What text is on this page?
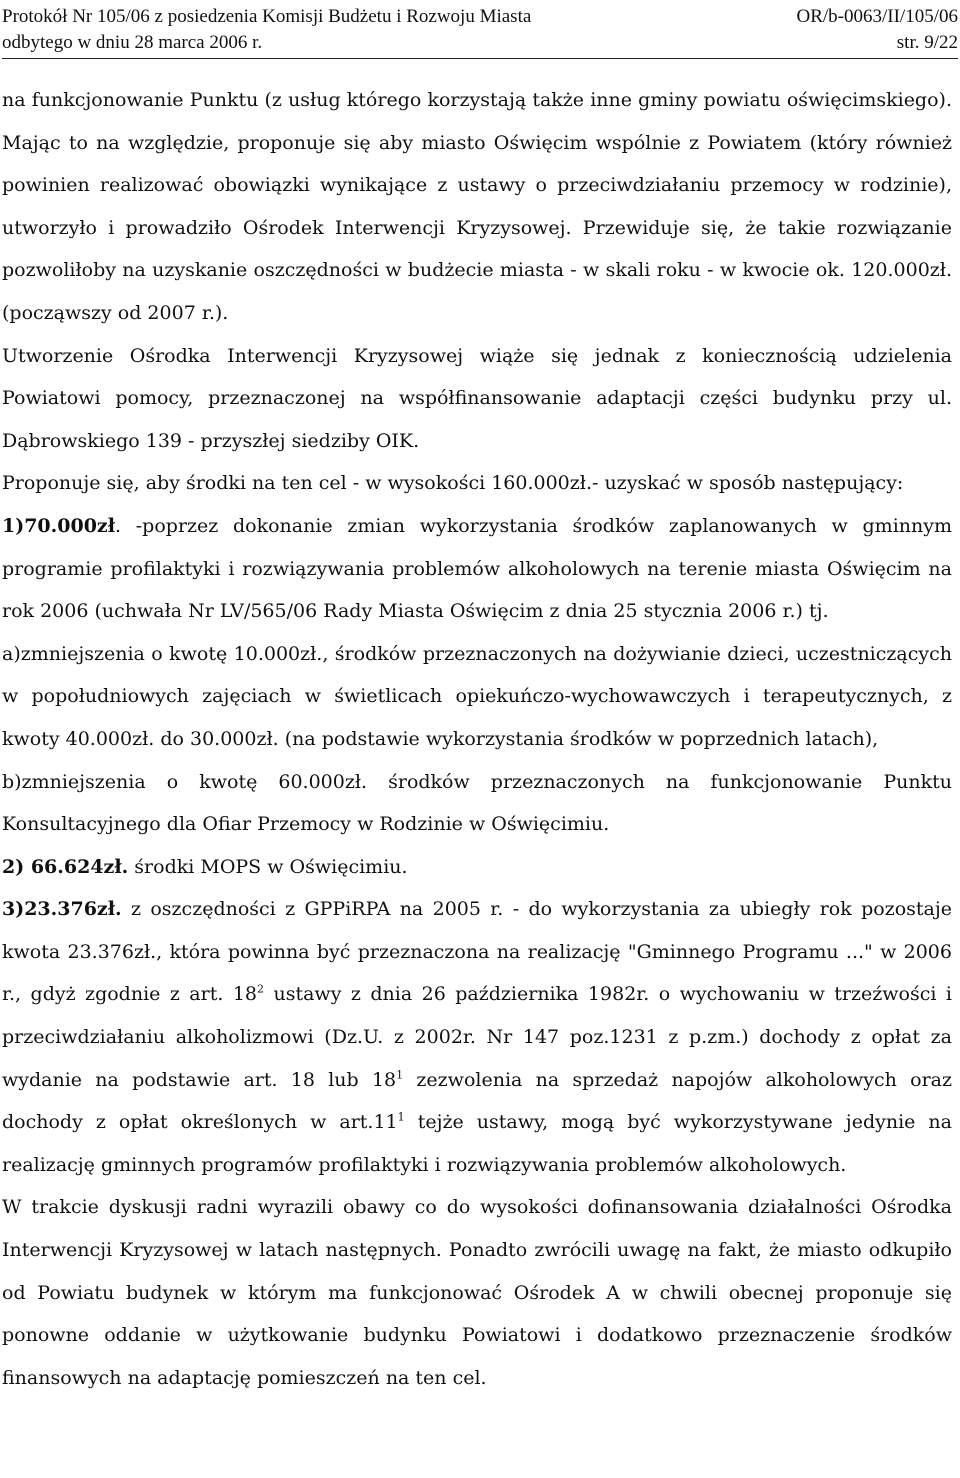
Protokół Nr 105/06 z posiedzenia Komisji Budżetu i Rozwoju Miasta	OR/b-0063/II/105/06
odbytego w dniu 28 marca 2006 r.	str. 9/22

na funkcjonowanie Punktu (z usług którego korzystają także inne gminy powiatu oświęcimskiego). Mając to na względzie, proponuje się aby miasto Oświęcim wspólnie z Powiatem (który również powinien realizować obowiązki wynikające z ustawy o przeciwdziałaniu przemocy w rodzinie), utworzyło i prowadziło Ośrodek Interwencji Kryzysowej. Przewiduje się, że takie rozwiązanie pozwoliłoby na uzyskanie oszczędności w budżecie miasta - w skali roku - w kwocie ok. 120.000zł. (począwszy od 2007 r.).

Utworzenie Ośrodka Interwencji Kryzysowej wiąże się jednak z koniecznością udzielenia Powiatowi pomocy, przeznaczonej na współfinansowanie adaptacji części budynku przy ul. Dąbrowskiego 139 - przyszłej siedziby OIK.

Proponuje się, aby środki na ten cel - w wysokości 160.000zł.- uzyskać w sposób następujący:

1)70.000zł. -poprzez dokonanie zmian wykorzystania środków zaplanowanych w gminnym programie profilaktyki i rozwiązywania problemów alkoholowych na terenie miasta Oświęcim na rok 2006 (uchwała Nr LV/565/06 Rady Miasta Oświęcim z dnia 25 stycznia 2006 r.) tj.

a)zmniejszenia o kwotę 10.000zł., środków przeznaczonych na dożywianie dzieci, uczestniczących w popołudniowych zajęciach w świetlicach opiekuńczo-wychowawczych i terapeutycznych, z kwoty 40.000zł. do 30.000zł. (na podstawie wykorzystania środków w poprzednich latach),

b)zmniejszenia o kwotę 60.000zł. środków przeznaczonych na funkcjonowanie Punktu Konsultacyjnego dla Ofiar Przemocy w Rodzinie w Oświęcimiu.

2) 66.624zł. środki MOPS w Oświęcimiu.

3)23.376zł. z oszczędności z GPPiRPA na 2005 r. - do wykorzystania za ubiegły rok pozostaje kwota 23.376zł., która powinna być przeznaczona na realizację "Gminnego Programu ..." w 2006 r., gdyż zgodnie z art. $18^2$ ustawy z dnia 26 października 1982r. o wychowaniu w trzeźwości i przeciwdziałaniu alkoholizmowi (Dz.U. z 2002r. Nr 147 poz.1231 z p.zm.) dochody z opłat za wydanie na podstawie art. 18 lub $18^1$ zezwolenia na sprzedaż napojów alkoholowych oraz dochody z opłat określonych w $art.11^1$ tejże ustawy, mogą być wykorzystywane jedynie na realizację gminnych programów profilaktyki i rozwiązywania problemów alkoholowych.

W trakcie dyskusji radni wyrazili obawy co do wysokości dofinansowania działalności Ośrodka Interwencji Kryzysowej w latach następnych. Ponadto zwrócili uwagę na fakt, że miasto odkupiło od Powiatu budynek w którym ma funkcjonować Ośrodek A w chwili obecnej proponuje się ponowne oddanie w użytkowanie budynku Powiatowi i dodatkowo przeznaczenie środków finansowych na adaptację pomieszczeń na ten cel.
